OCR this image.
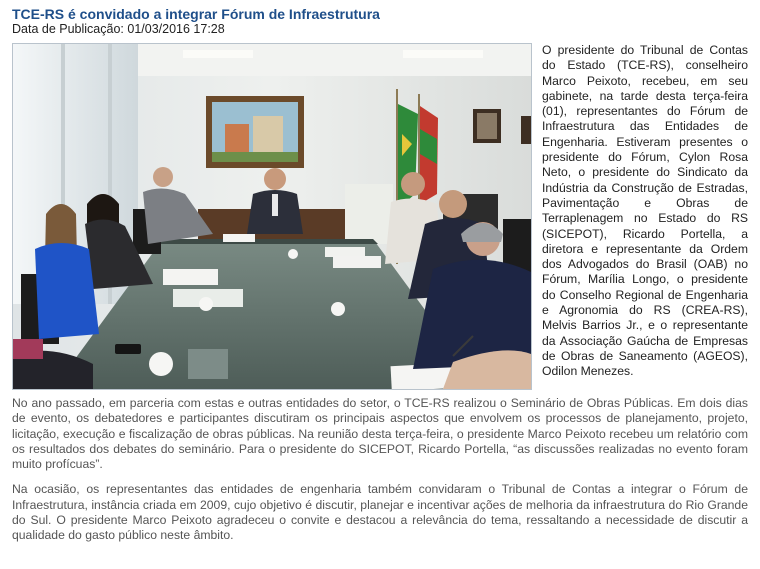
TCE-RS é convidado a integrar Fórum de Infraestrutura
Data de Publicação: 01/03/2016 17:28

O presidente do Tribunal de Contas do Estado (TCE-RS), conselheiro Marco Peixoto, recebeu, em seu gabinete, na tarde desta terça-feira (01), representantes do Fórum de Infraestrutura das Entidades de Engenharia. Estiveram presentes o presidente do Fórum, Cylon Rosa Neto, o presidente do Sindicato da Indústria da Construção de Estradas, Pavimentação e Obras de Terraplenagem no Estado do RS (SICEPOT), Ricardo Portella, a diretora e representante da Ordem dos Advogados do Brasil (OAB) no Fórum, Marília Longo, o presidente do Conselho Regional de Engenharia e Agronomia do RS (CREA-RS), Melvis Barrios Jr., e o representante da Associação Gaúcha de Empresas de Obras de Saneamento (AGEOS), Odilon Menezes.

No ano passado, em parceria com estas e outras entidades do setor, o TCE-RS realizou o Seminário de Obras Públicas. Em dois dias de evento, os debatedores e participantes discutiram os principais aspectos que envolvem os processos de planejamento, projeto, licitação, execução e fiscalização de obras públicas. Na reunião desta terça-feira, o presidente Marco Peixoto recebeu um relatório com os resultados dos debates do seminário. Para o presidente do SICEPOT, Ricardo Portella, “as discussões realizadas no evento foram muito profícuas”.

Na ocasião, os representantes das entidades de engenharia também convidaram o Tribunal de Contas a integrar o Fórum de Infraestrutura, instância criada em 2009, cujo objetivo é discutir, planejar e incentivar ações de melhoria da infraestrutura do Rio Grande do Sul. O presidente Marco Peixoto agradeceu o convite e destacou a relevância do tema, ressaltando a necessidade de discutir a qualidade do gasto público neste âmbito.
